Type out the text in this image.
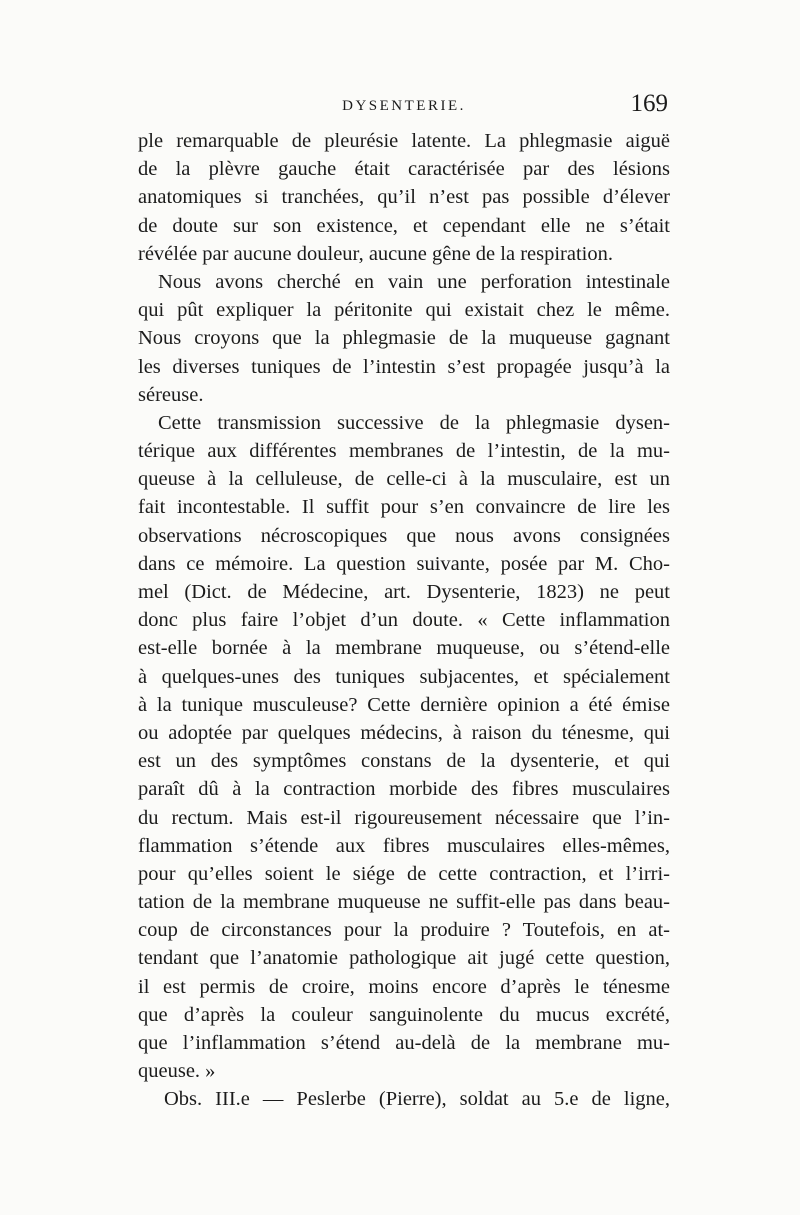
DYSENTERIE.	169
ple remarquable de pleurésie latente. La phlegmasie aiguë
de la plèvre gauche était caractérisée par des lésions
anatomiques si tranchées, qu’il n’est pas possible d’élever
de doute sur son existence, et cependant elle ne s’était
révélée par aucune douleur, aucune gêne de la respiration.
Nous avons cherché en vain une perforation intestinale
qui pût expliquer la péritonite qui existait chez le même.
Nous croyons que la phlegmasie de la muqueuse gagnant
les diverses tuniques de l’intestin s’est propagée jusqu’à la
séreuse.
Cette transmission successive de la phlegmasie dysen-
térique aux différentes membranes de l’intestin, de la mu-
queuse à la celluleuse, de celle-ci à la musculaire, est un
fait incontestable. Il suffit pour s’en convaincre de lire les
observations nécroscopiques que nous avons consignées
dans ce mémoire. La question suivante, posée par M. Cho-
mel (Dict. de Médecine, art. Dysenterie, 1823) ne peut
donc plus faire l’objet d’un doute. « Cette inflammation
est-elle bornée à la membrane muqueuse, ou s’étend-elle
à quelques-unes des tuniques subjacentes, et spécialement
à la tunique musculeuse? Cette dernière opinion a été émise
ou adoptée par quelques médecins, à raison du ténesme, qui
est un des symptômes constans de la dysenterie, et qui
paraît dû à la contraction morbide des fibres musculaires
du rectum. Mais est-il rigoureusement nécessaire que l’in-
flammation s’étende aux fibres musculaires elles-mêmes,
pour qu’elles soient le siége de cette contraction, et l’irri-
tation de la membrane muqueuse ne suffit-elle pas dans beau-
coup de circonstances pour la produire ? Toutefois, en at-
tendant que l’anatomie pathologique ait jugé cette question,
il est permis de croire, moins encore d’après le ténesme
que d’après la couleur sanguinolente du mucus excrété,
que l’inflammation s’étend au-delà de la membrane mu-
queuse. »
Obs. III.e — Peslerbe (Pierre), soldat au 5.e de ligne,
